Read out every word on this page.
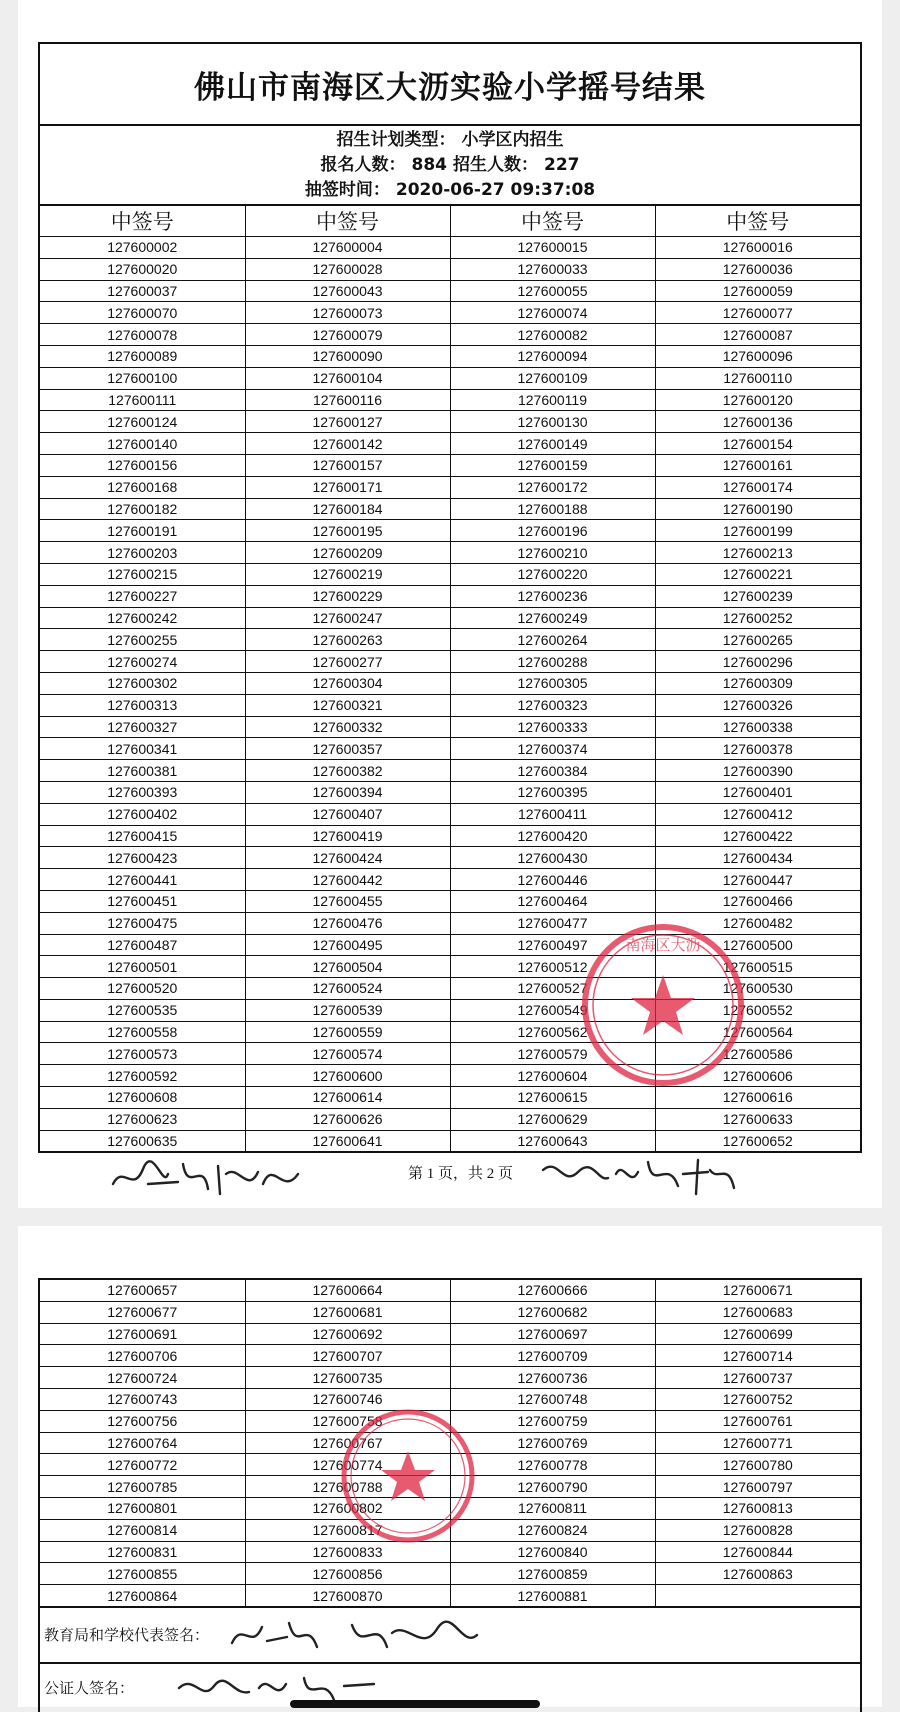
佛山市南海区大沥实验小学摇号结果
招生计划类型： 小学区内招生
报名人数： 884 招生人数： 227
抽签时间： 2020-06-27 09:37:08
中签号	中签号	中签号	中签号
127600002	127600004	127600015	127600016
127600020	127600028	127600033	127600036
127600037	127600043	127600055	127600059
127600070	127600073	127600074	127600077
127600078	127600079	127600082	127600087
127600089	127600090	127600094	127600096
127600100	127600104	127600109	127600110
127600111	127600116	127600119	127600120
127600124	127600127	127600130	127600136
127600140	127600142	127600149	127600154
127600156	127600157	127600159	127600161
127600168	127600171	127600172	127600174
127600182	127600184	127600188	127600190
127600191	127600195	127600196	127600199
127600203	127600209	127600210	127600213
127600215	127600219	127600220	127600221
127600227	127600229	127600236	127600239
127600242	127600247	127600249	127600252
127600255	127600263	127600264	127600265
127600274	127600277	127600288	127600296
127600302	127600304	127600305	127600309
127600313	127600321	127600323	127600326
127600327	127600332	127600333	127600338
127600341	127600357	127600374	127600378
127600381	127600382	127600384	127600390
127600393	127600394	127600395	127600401
127600402	127600407	127600411	127600412
127600415	127600419	127600420	127600422
127600423	127600424	127600430	127600434
127600441	127600442	127600446	127600447
127600451	127600455	127600464	127600466
127600475	127600476	127600477	127600482
127600487	127600495	127600497	127600500
127600501	127600504	127600512	127600515
127600520	127600524	127600527	127600530
127600535	127600539	127600549	127600552
127600558	127600559	127600562	127600564
127600573	127600574	127600579	127600586
127600592	127600600	127600604	127600606
127600608	127600614	127600615	127600616
127600623	127600626	127600629	127600633
127600635	127600641	127600643	127600652
第 1 页，共 2 页
南海区大沥
127600657	127600664	127600666	127600671
127600677	127600681	127600682	127600683
127600691	127600692	127600697	127600699
127600706	127600707	127600709	127600714
127600724	127600735	127600736	127600737
127600743	127600746	127600748	127600752
127600756	127600758	127600759	127600761
127600764	127600767	127600769	127600771
127600772	127600774	127600778	127600780
127600785	127600788	127600790	127600797
127600801	127600802	127600811	127600813
127600814	127600817	127600824	127600828
127600831	127600833	127600840	127600844
127600855	127600856	127600859	127600863
127600864	127600870	127600881	
教育局和学校代表签名：
公证人签名：
